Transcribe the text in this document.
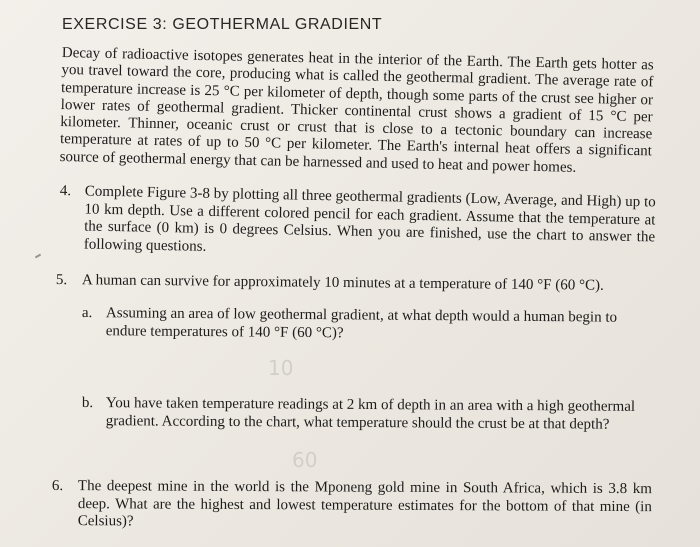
EXERCISE 3: GEOTHERMAL GRADIENT

Decay of radioactive isotopes generates heat in the interior of the Earth. The Earth gets hotter as you travel toward the core, producing what is called the geothermal gradient. The average rate of temperature increase is 25 °C per kilometer of depth, though some parts of the crust see higher or lower rates of geothermal gradient. Thicker continental crust shows a gradient of 15 °C per kilometer. Thinner, oceanic crust or crust that is close to a tectonic boundary can increase temperature at rates of up to 50 °C per kilometer. The Earth's internal heat offers a significant source of geothermal energy that can be harnessed and used to heat and power homes.

4. Complete Figure 3-8 by plotting all three geothermal gradients (Low, Average, and High) up to 10 km depth. Use a different colored pencil for each gradient. Assume that the temperature at the surface (0 km) is 0 degrees Celsius. When you are finished, use the chart to answer the following questions.
5. A human can survive for approximately 10 minutes at a temperature of 140 °F (60 °C).
a. Assuming an area of low geothermal gradient, at what depth would a human begin to endure temperatures of 140 °F (60 °C)?
10
b. You have taken temperature readings at 2 km of depth in an area with a high geothermal gradient. According to the chart, what temperature should the crust be at that depth?
60
6. The deepest mine in the world is the Mponeng gold mine in South Africa, which is 3.8 km deep. What are the highest and lowest temperature estimates for the bottom of that mine (in Celsius)?
